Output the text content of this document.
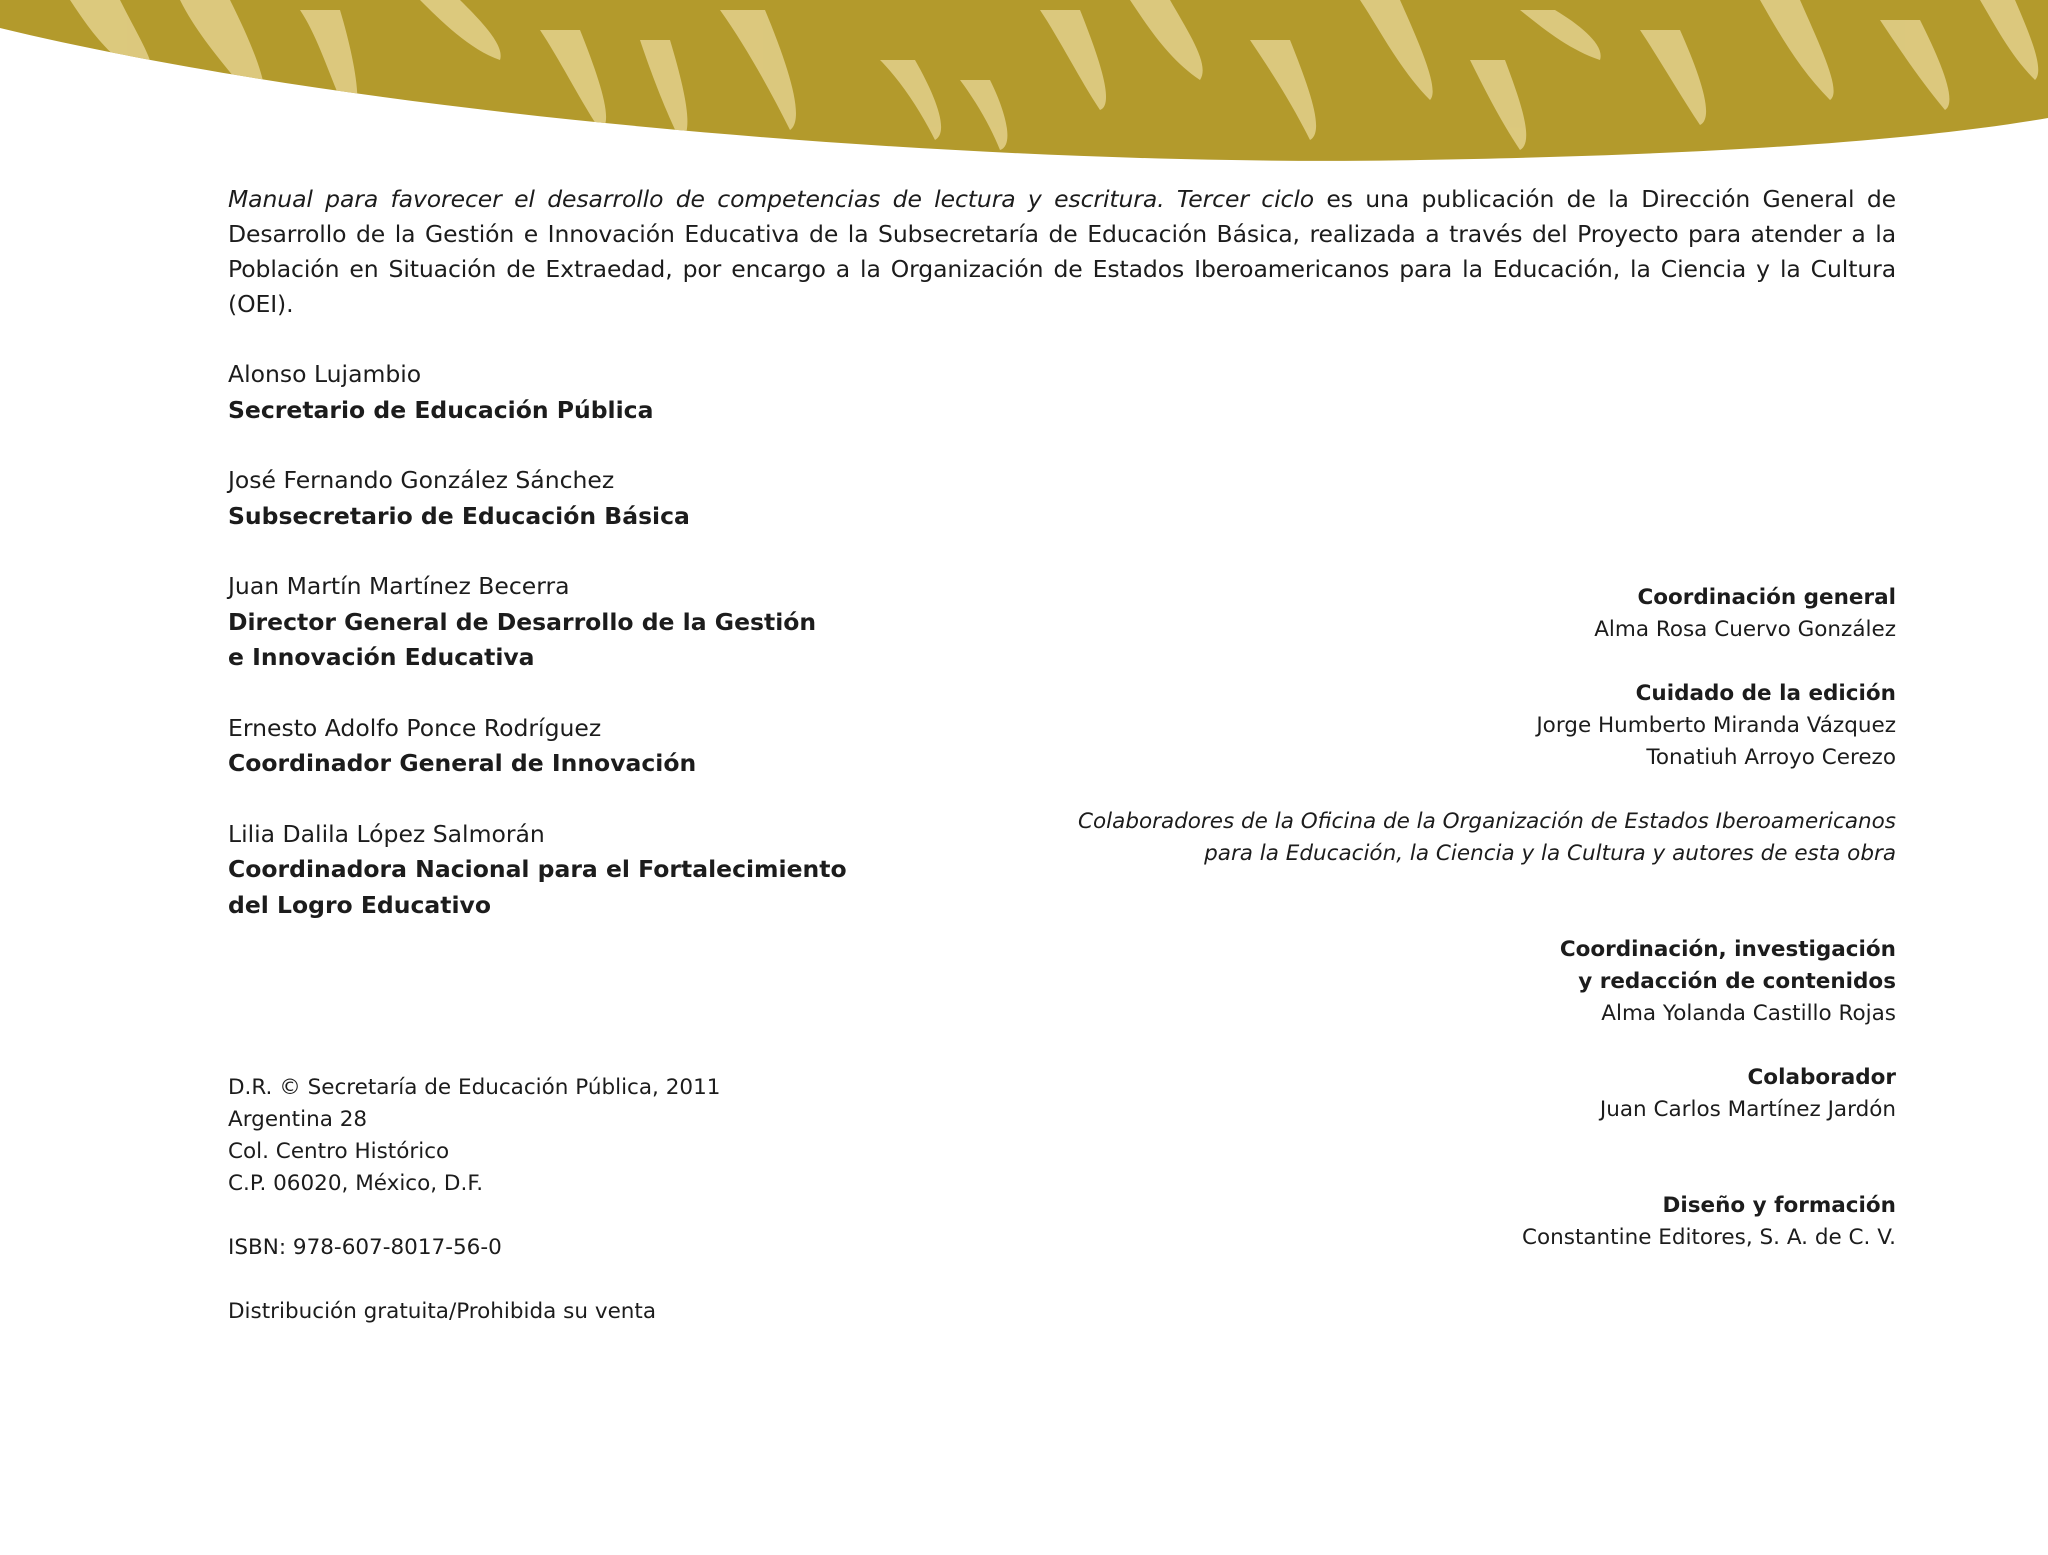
Manual para favorecer el desarrollo de competencias de lectura y escritura. Tercer ciclo es una publicación de la Dirección General de Desarrollo de la Gestión e Innovación Educativa de la Subsecretaría de Educación Básica, realizada a través del Proyecto para atender a la Población en Situación de Extraedad, por encargo a la Organización de Estados Iberoamericanos para la Educación, la Ciencia y la Cultura (OEI).
Alonso Lujambio
Secretario de Educación Pública
José Fernando González Sánchez
Subsecretario de Educación Básica
Juan Martín Martínez Becerra
Director General de Desarrollo de la Gestión
e Innovación Educativa
Ernesto Adolfo Ponce Rodríguez
Coordinador General de Innovación
Lilia Dalila López Salmorán
Coordinadora Nacional para el Fortalecimiento
del Logro Educativo
D.R. © Secretaría de Educación Pública, 2011
Argentina 28
Col. Centro Histórico
C.P. 06020, México, D.F.
ISBN: 978-607-8017-56-0
Distribución gratuita/Prohibida su venta
Coordinación general
Alma Rosa Cuervo González
Cuidado de la edición
Jorge Humberto Miranda Vázquez
Tonatiuh Arroyo Cerezo
Colaboradores de la Oficina de la Organización de Estados Iberoamericanos
para la Educación, la Ciencia y la Cultura y autores de esta obra
Coordinación, investigación
y redacción de contenidos
Alma Yolanda Castillo Rojas
Colaborador
Juan Carlos Martínez Jardón
Diseño y formación
Constantine Editores, S. A. de C. V.
